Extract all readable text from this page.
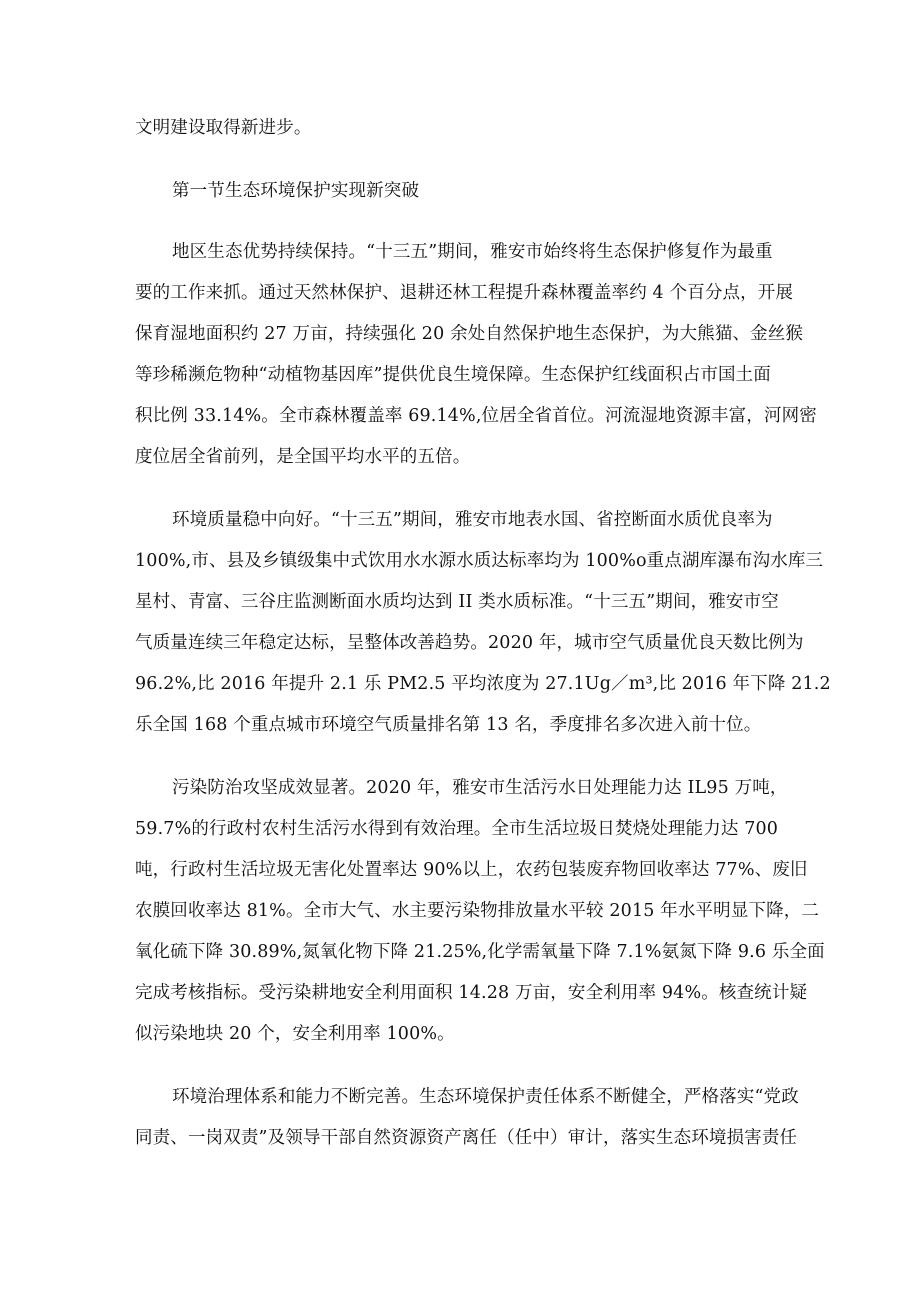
文明建设取得新进步。

第一节生态环境保护实现新突破

地区生态优势持续保持。“十三五”期间，雅安市始终将生态保护修复作为最重

要的工作来抓。通过天然林保护、退耕还林工程提升森林覆盖率约 4 个百分点，开展

保育湿地面积约 27 万亩，持续强化 20 余处自然保护地生态保护，为大熊猫、金丝猴

等珍稀濒危物种“动植物基因库”提供优良生境保障。生态保护红线面积占市国土面

积比例 33.14%。全市森林覆盖率 69.14%,位居全省首位。河流湿地资源丰富，河网密

度位居全省前列，是全国平均水平的五倍。

环境质量稳中向好。“十三五”期间，雅安市地表水国、省控断面水质优良率为

100%,市、县及乡镇级集中式饮用水水源水质达标率均为 100%o重点湖库瀑布沟水库三

星村、青富、三谷庄监测断面水质均达到 II 类水质标准。“十三五”期间，雅安市空

气质量连续三年稳定达标，呈整体改善趋势。2020 年，城市空气质量优良天数比例为

96.2%,比 2016 年提升 2.1 乐 PM2.5 平均浓度为 27.1Ug／m³,比 2016 年下降 21.2

乐全国 168 个重点城市环境空气质量排名第 13 名，季度排名多次进入前十位。

污染防治攻坚成效显著。2020 年，雅安市生活污水日处理能力达 IL95 万吨，

59.7%的行政村农村生活污水得到有效治理。全市生活垃圾日焚烧处理能力达 700

吨，行政村生活垃圾无害化处置率达 90%以上，农药包装废弃物回收率达 77%、废旧

农膜回收率达 81%。全市大气、水主要污染物排放量水平较 2015 年水平明显下降，二

氧化硫下降 30.89%,氮氧化物下降 21.25%,化学需氧量下降 7.1%氨氮下降 9.6 乐全面

完成考核指标。受污染耕地安全利用面积 14.28 万亩，安全利用率 94%。核查统计疑

似污染地块 20 个，安全利用率 100%。

环境治理体系和能力不断完善。生态环境保护责任体系不断健全，严格落实“党政

同责、一岗双责”及领导干部自然资源资产离任（任中）审计，落实生态环境损害责任
